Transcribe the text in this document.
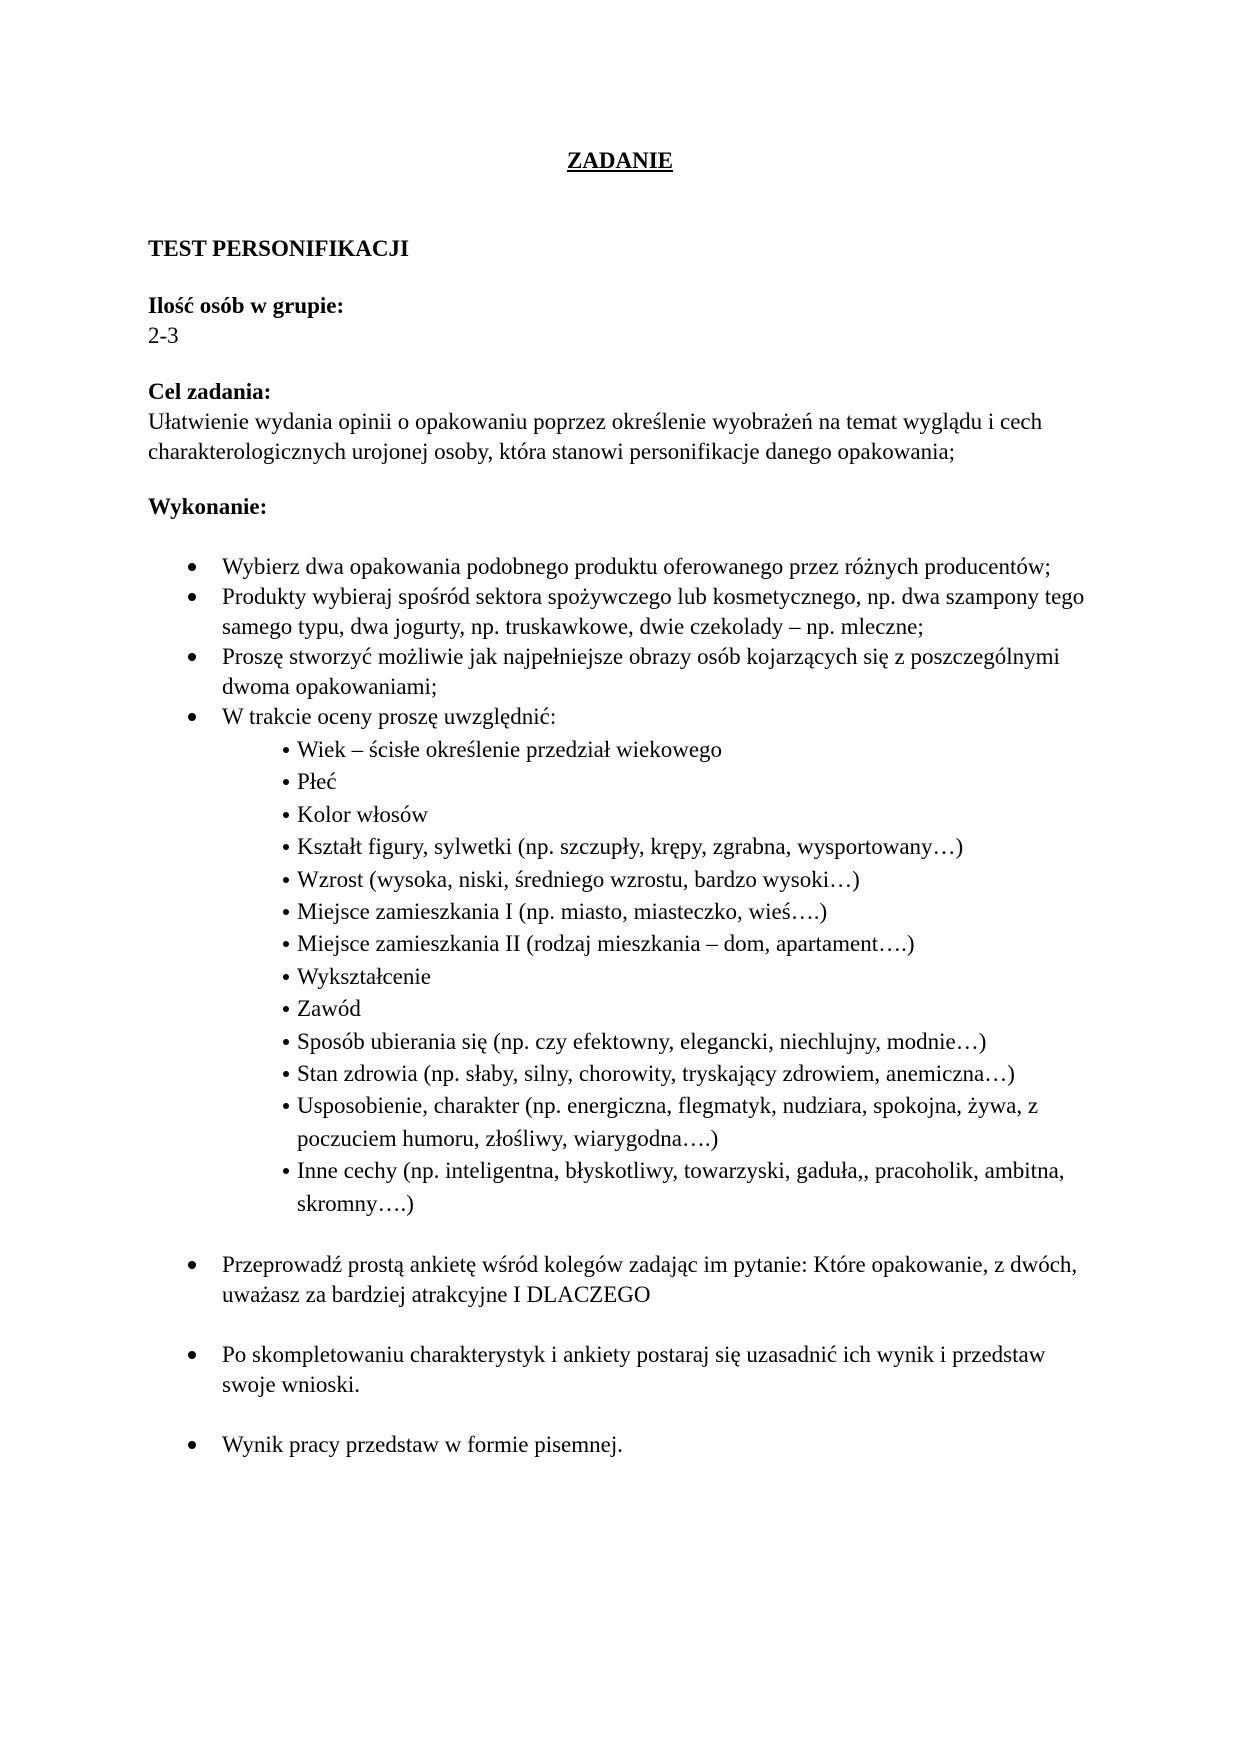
ZADANIE
TEST PERSONIFIKACJI
Ilość osób w grupie:
2-3
Cel zadania:
Ułatwienie wydania opinii o opakowaniu poprzez określenie wyobrażeń na temat wyglądu i cech charakterologicznych urojonej osoby, która stanowi personifikacje danego opakowania;
Wykonanie:
Wybierz dwa opakowania podobnego produktu oferowanego przez różnych producentów;
Produkty wybieraj spośród sektora spożywczego lub kosmetycznego, np. dwa szampony tego samego typu, dwa jogurty, np. truskawkowe, dwie czekolady – np. mleczne;
Proszę stworzyć możliwie jak najpełniejsze obrazy osób kojarzących się z poszczególnymi dwoma opakowaniami;
W trakcie oceny proszę uwzględnić:
Wiek – ścisłe określenie przedział wiekowego
Płeć
Kolor włosów
Kształt figury, sylwetki (np. szczupły, krępy, zgrabna, wysportowany…)
Wzrost (wysoka, niski, średniego wzrostu, bardzo wysoki…)
Miejsce zamieszkania I (np. miasto, miasteczko, wieś….)
Miejsce zamieszkania II (rodzaj mieszkania – dom, apartament….)
Wykształcenie
Zawód
Sposób ubierania się (np. czy efektowny, elegancki, niechlujny, modnie…)
Stan zdrowia (np. słaby, silny, chorowity, tryskający zdrowiem, anemiczna…)
Usposobienie, charakter (np. energiczna, flegmatyk, nudziara, spokojna, żywa, z poczuciem humoru, złośliwy, wiarygodna….)
Inne cechy (np. inteligentna, błyskotliwy, towarzyski, gaduła,, pracoholik, ambitna, skromny….)
Przeprowadź prostą ankietę wśród kolegów zadając im pytanie: Które opakowanie, z dwóch, uważasz za bardziej atrakcyjne I DLACZEGO
Po skompletowaniu charakterystyk i ankiety postaraj się uzasadnić ich wynik i przedstaw swoje wnioski.
Wynik pracy przedstaw w formie pisemnej.
